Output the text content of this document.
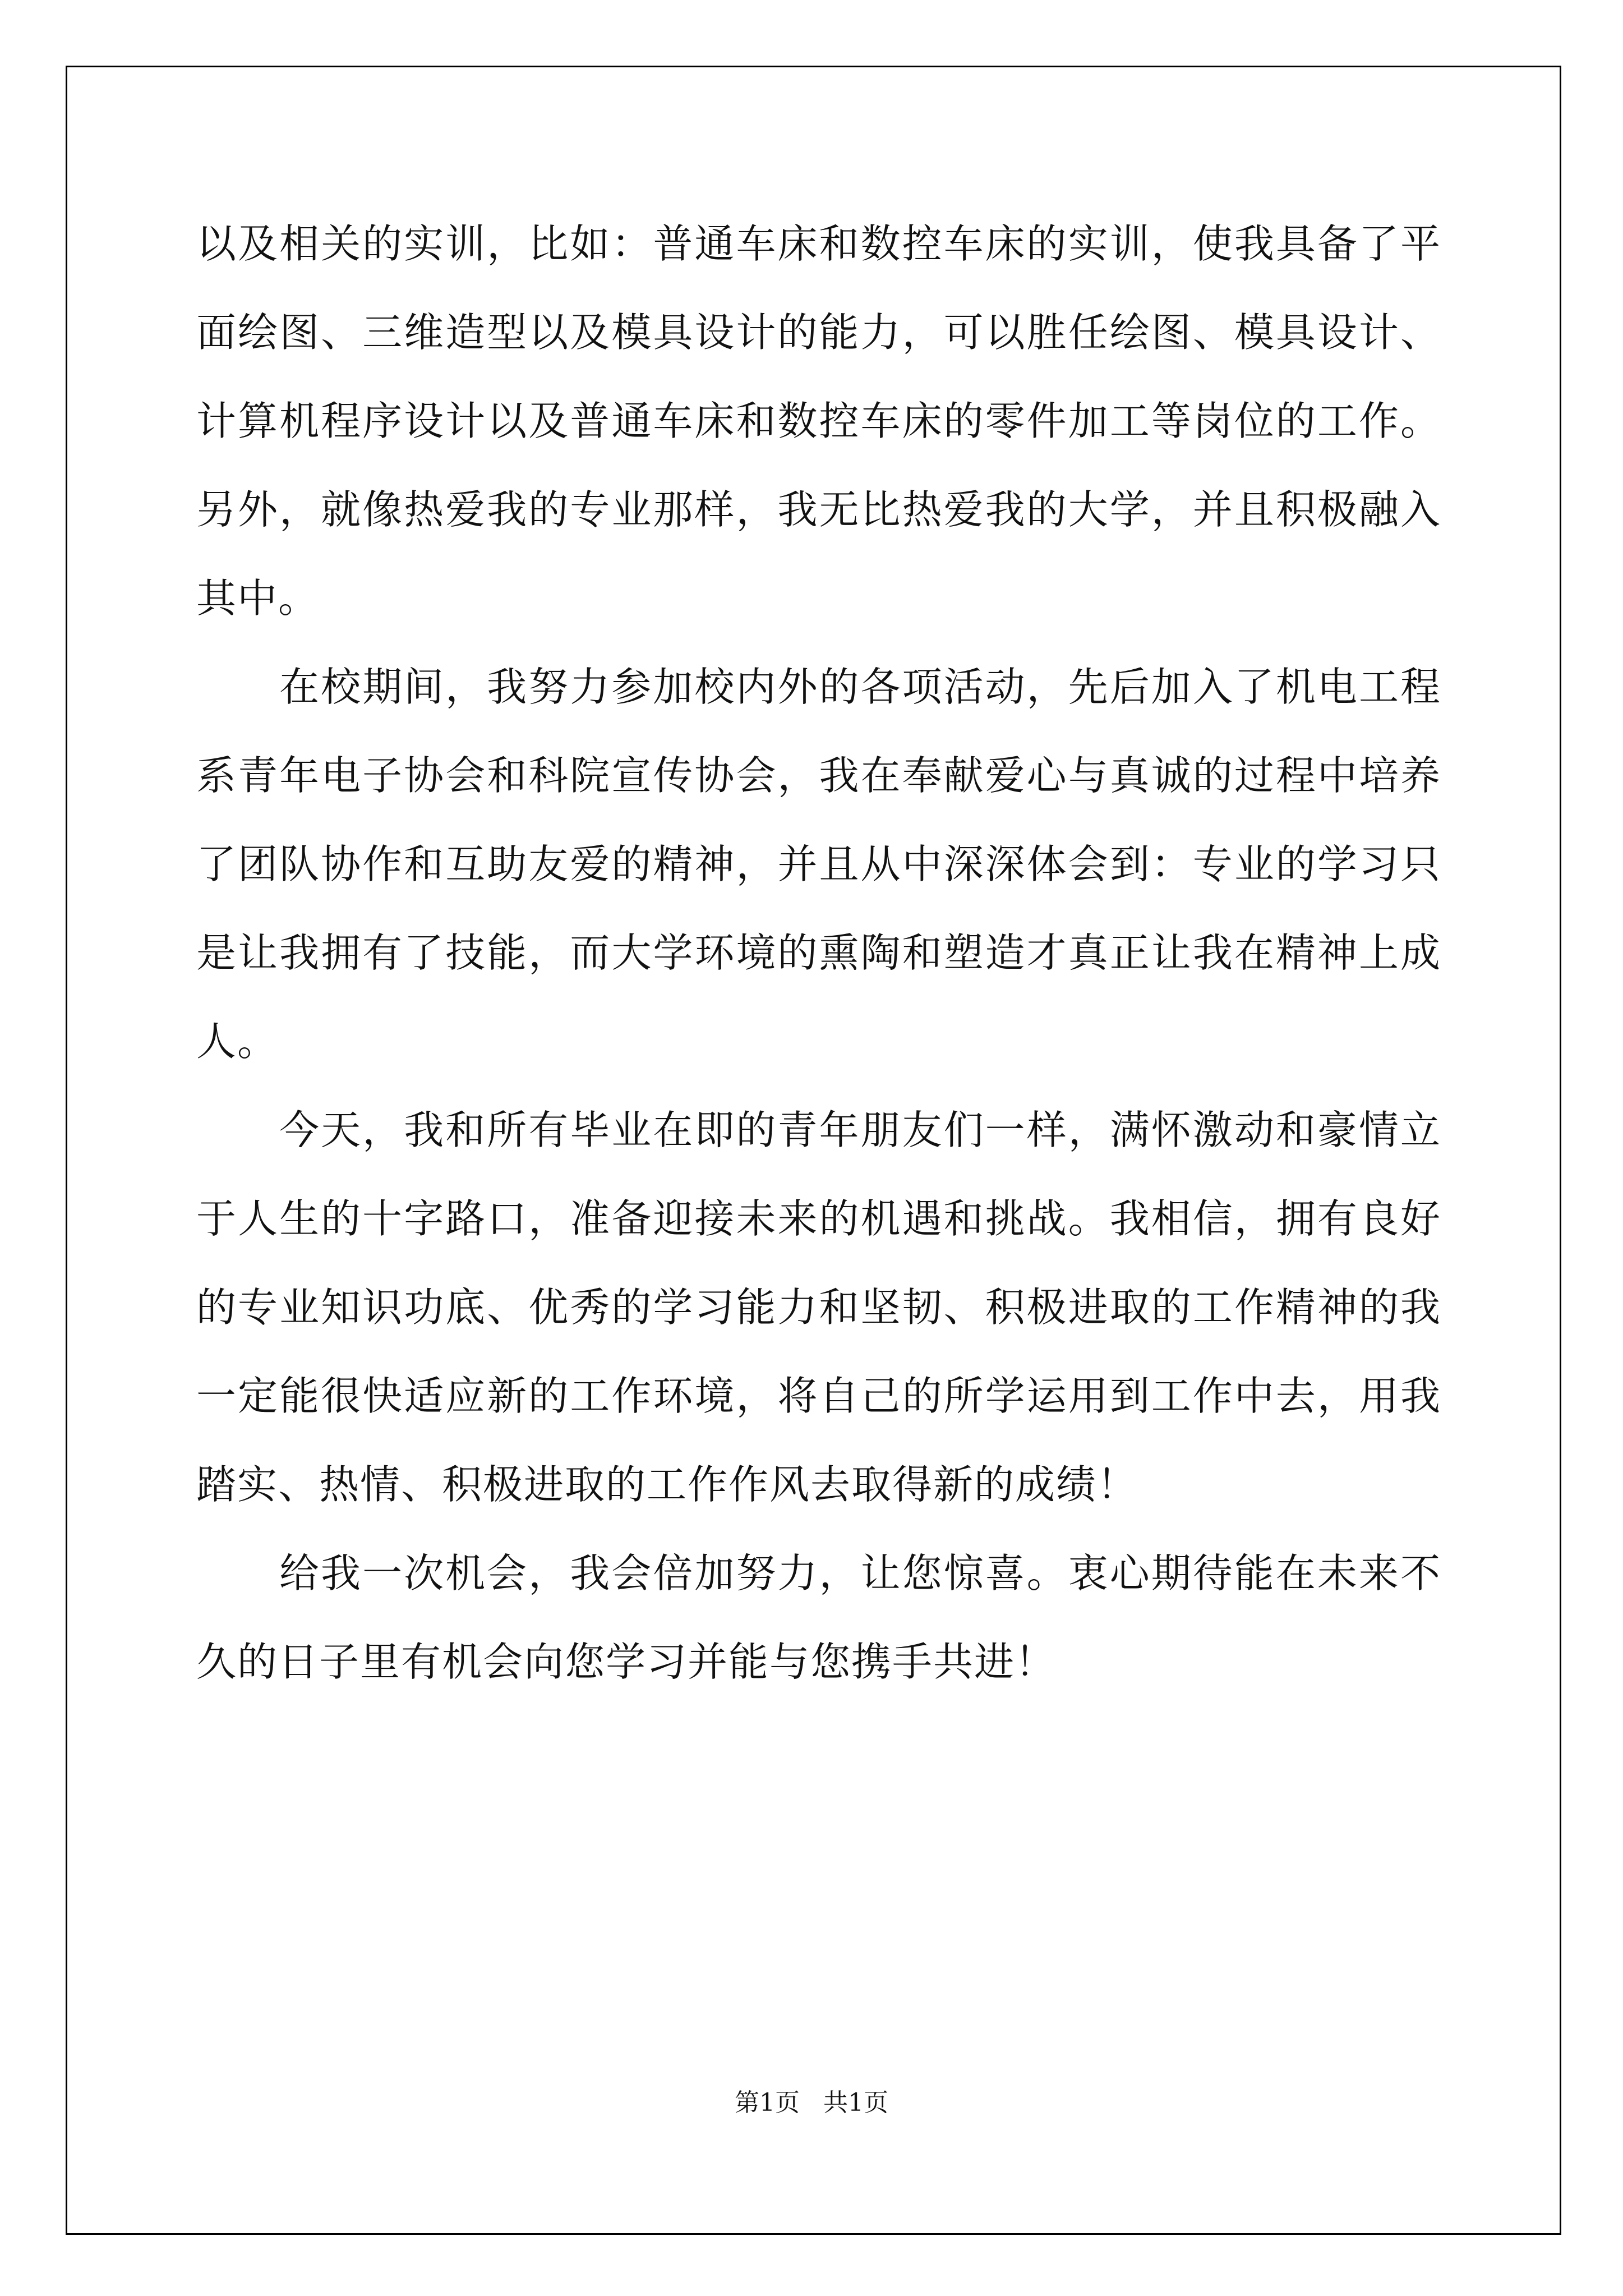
以及相关的实训，比如：普通车床和数控车床的实训，使我具备了平面绘图、三维造型以及模具设计的能力，可以胜任绘图、模具设计、计算机程序设计以及普通车床和数控车床的零件加工等岗位的工作。另外，就像热爱我的专业那样，我无比热爱我的大学，并且积极融入其中。

在校期间，我努力参加校内外的各项活动，先后加入了机电工程系青年电子协会和科院宣传协会，我在奉献爱心与真诚的过程中培养了团队协作和互助友爱的精神，并且从中深深体会到：专业的学习只是让我拥有了技能，而大学环境的熏陶和塑造才真正让我在精神上成人。

今天，我和所有毕业在即的青年朋友们一样，满怀激动和豪情立于人生的十字路口，准备迎接未来的机遇和挑战。我相信，拥有良好的专业知识功底、优秀的学习能力和坚韧、积极进取的工作精神的我一定能很快适应新的工作环境，将自己的所学运用到工作中去，用我踏实、热情、积极进取的工作作风去取得新的成绩！

给我一次机会，我会倍加努力，让您惊喜。衷心期待能在未来不久的日子里有机会向您学习并能与您携手共进！

第1页 共1页
